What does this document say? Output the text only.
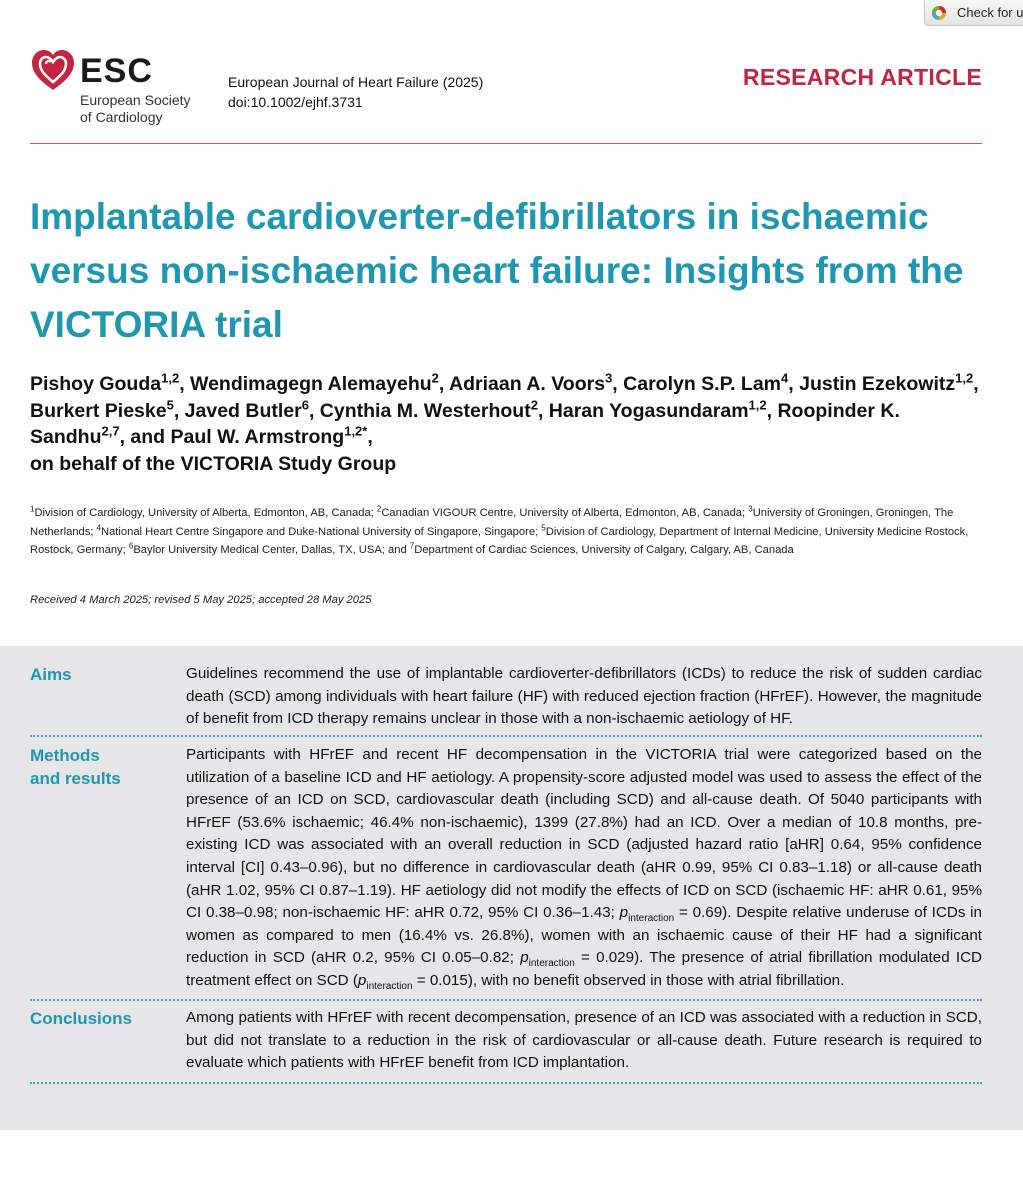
Check for u
ESC
European Society
of Cardiology
European Journal of Heart Failure (2025)
doi:10.1002/ejhf.3731
RESEARCH ARTICLE
Implantable cardioverter-defibrillators in ischaemic versus non-ischaemic heart failure: Insights from the VICTORIA trial
Pishoy Gouda$^{1,2}$, Wendimagegn Alemayehu$^2$, Adriaan A. Voors$^3$, Carolyn S.P. Lam$^4$, Justin Ezekowitz$^{1,2}$, Burkert Pieske$^5$, Javed Butler$^6$, Cynthia M. Westerhout$^2$, Haran Yogasundaram$^{1,2}$, Roopinder K. Sandhu$^{2,7}$, and Paul W. Armstrong$^{1,2*}$,
on behalf of the VICTORIA Study Group
$^1$Division of Cardiology, University of Alberta, Edmonton, AB, Canada; $^2$Canadian VIGOUR Centre, University of Alberta, Edmonton, AB, Canada; $^3$University of Groningen, Groningen, The Netherlands; $^4$National Heart Centre Singapore and Duke-National University of Singapore, Singapore; $^5$Division of Cardiology, Department of Internal Medicine, University Medicine Rostock, Rostock, Germany; $^6$Baylor University Medical Center, Dallas, TX, USA; and $^7$Department of Cardiac Sciences, University of Calgary, Calgary, AB, Canada
Received 4 March 2025; revised 5 May 2025; accepted 28 May 2025
Aims	Guidelines recommend the use of implantable cardioverter-defibrillators (ICDs) to reduce the risk of sudden cardiac death (SCD) among individuals with heart failure (HF) with reduced ejection fraction (HFrEF). However, the magnitude of benefit from ICD therapy remains unclear in those with a non-ischaemic aetiology of HF.
Methods
and results
Participants with HFrEF and recent HF decompensation in the VICTORIA trial were categorized based on the utilization of a baseline ICD and HF aetiology. A propensity-score adjusted model was used to assess the effect of the presence of an ICD on SCD, cardiovascular death (including SCD) and all-cause death. Of 5040 participants with HFrEF (53.6% ischaemic; 46.4% non-ischaemic), 1399 (27.8%) had an ICD. Over a median of 10.8 months, pre-existing ICD was associated with an overall reduction in SCD (adjusted hazard ratio [aHR] 0.64, 95% confidence interval [CI] 0.43–0.96), but no difference in cardiovascular death (aHR 0.99, 95% CI 0.83–1.18) or all-cause death (aHR 1.02, 95% CI 0.87–1.19). HF aetiology did not modify the effects of ICD on SCD (ischaemic HF: aHR 0.61, 95% CI 0.38–0.98; non-ischaemic HF: aHR 0.72, 95% CI 0.36–1.43; $p_{interaction} = 0.69$). Despite relative underuse of ICDs in women as compared to men (16.4% vs. 26.8%), women with an ischaemic cause of their HF had a significant reduction in SCD (aHR 0.2, 95% CI 0.05–0.82; $p_{interaction} = 0.029$). The presence of atrial fibrillation modulated ICD treatment effect on SCD $(p_{interaction} = 0.015)$, with no benefit observed in those with atrial fibrillation.
Conclusions	Among patients with HFrEF with recent decompensation, presence of an ICD was associated with a reduction in SCD, but did not translate to a reduction in the risk of cardiovascular or all-cause death. Future research is required to evaluate which patients with HFrEF benefit from ICD implantation.
